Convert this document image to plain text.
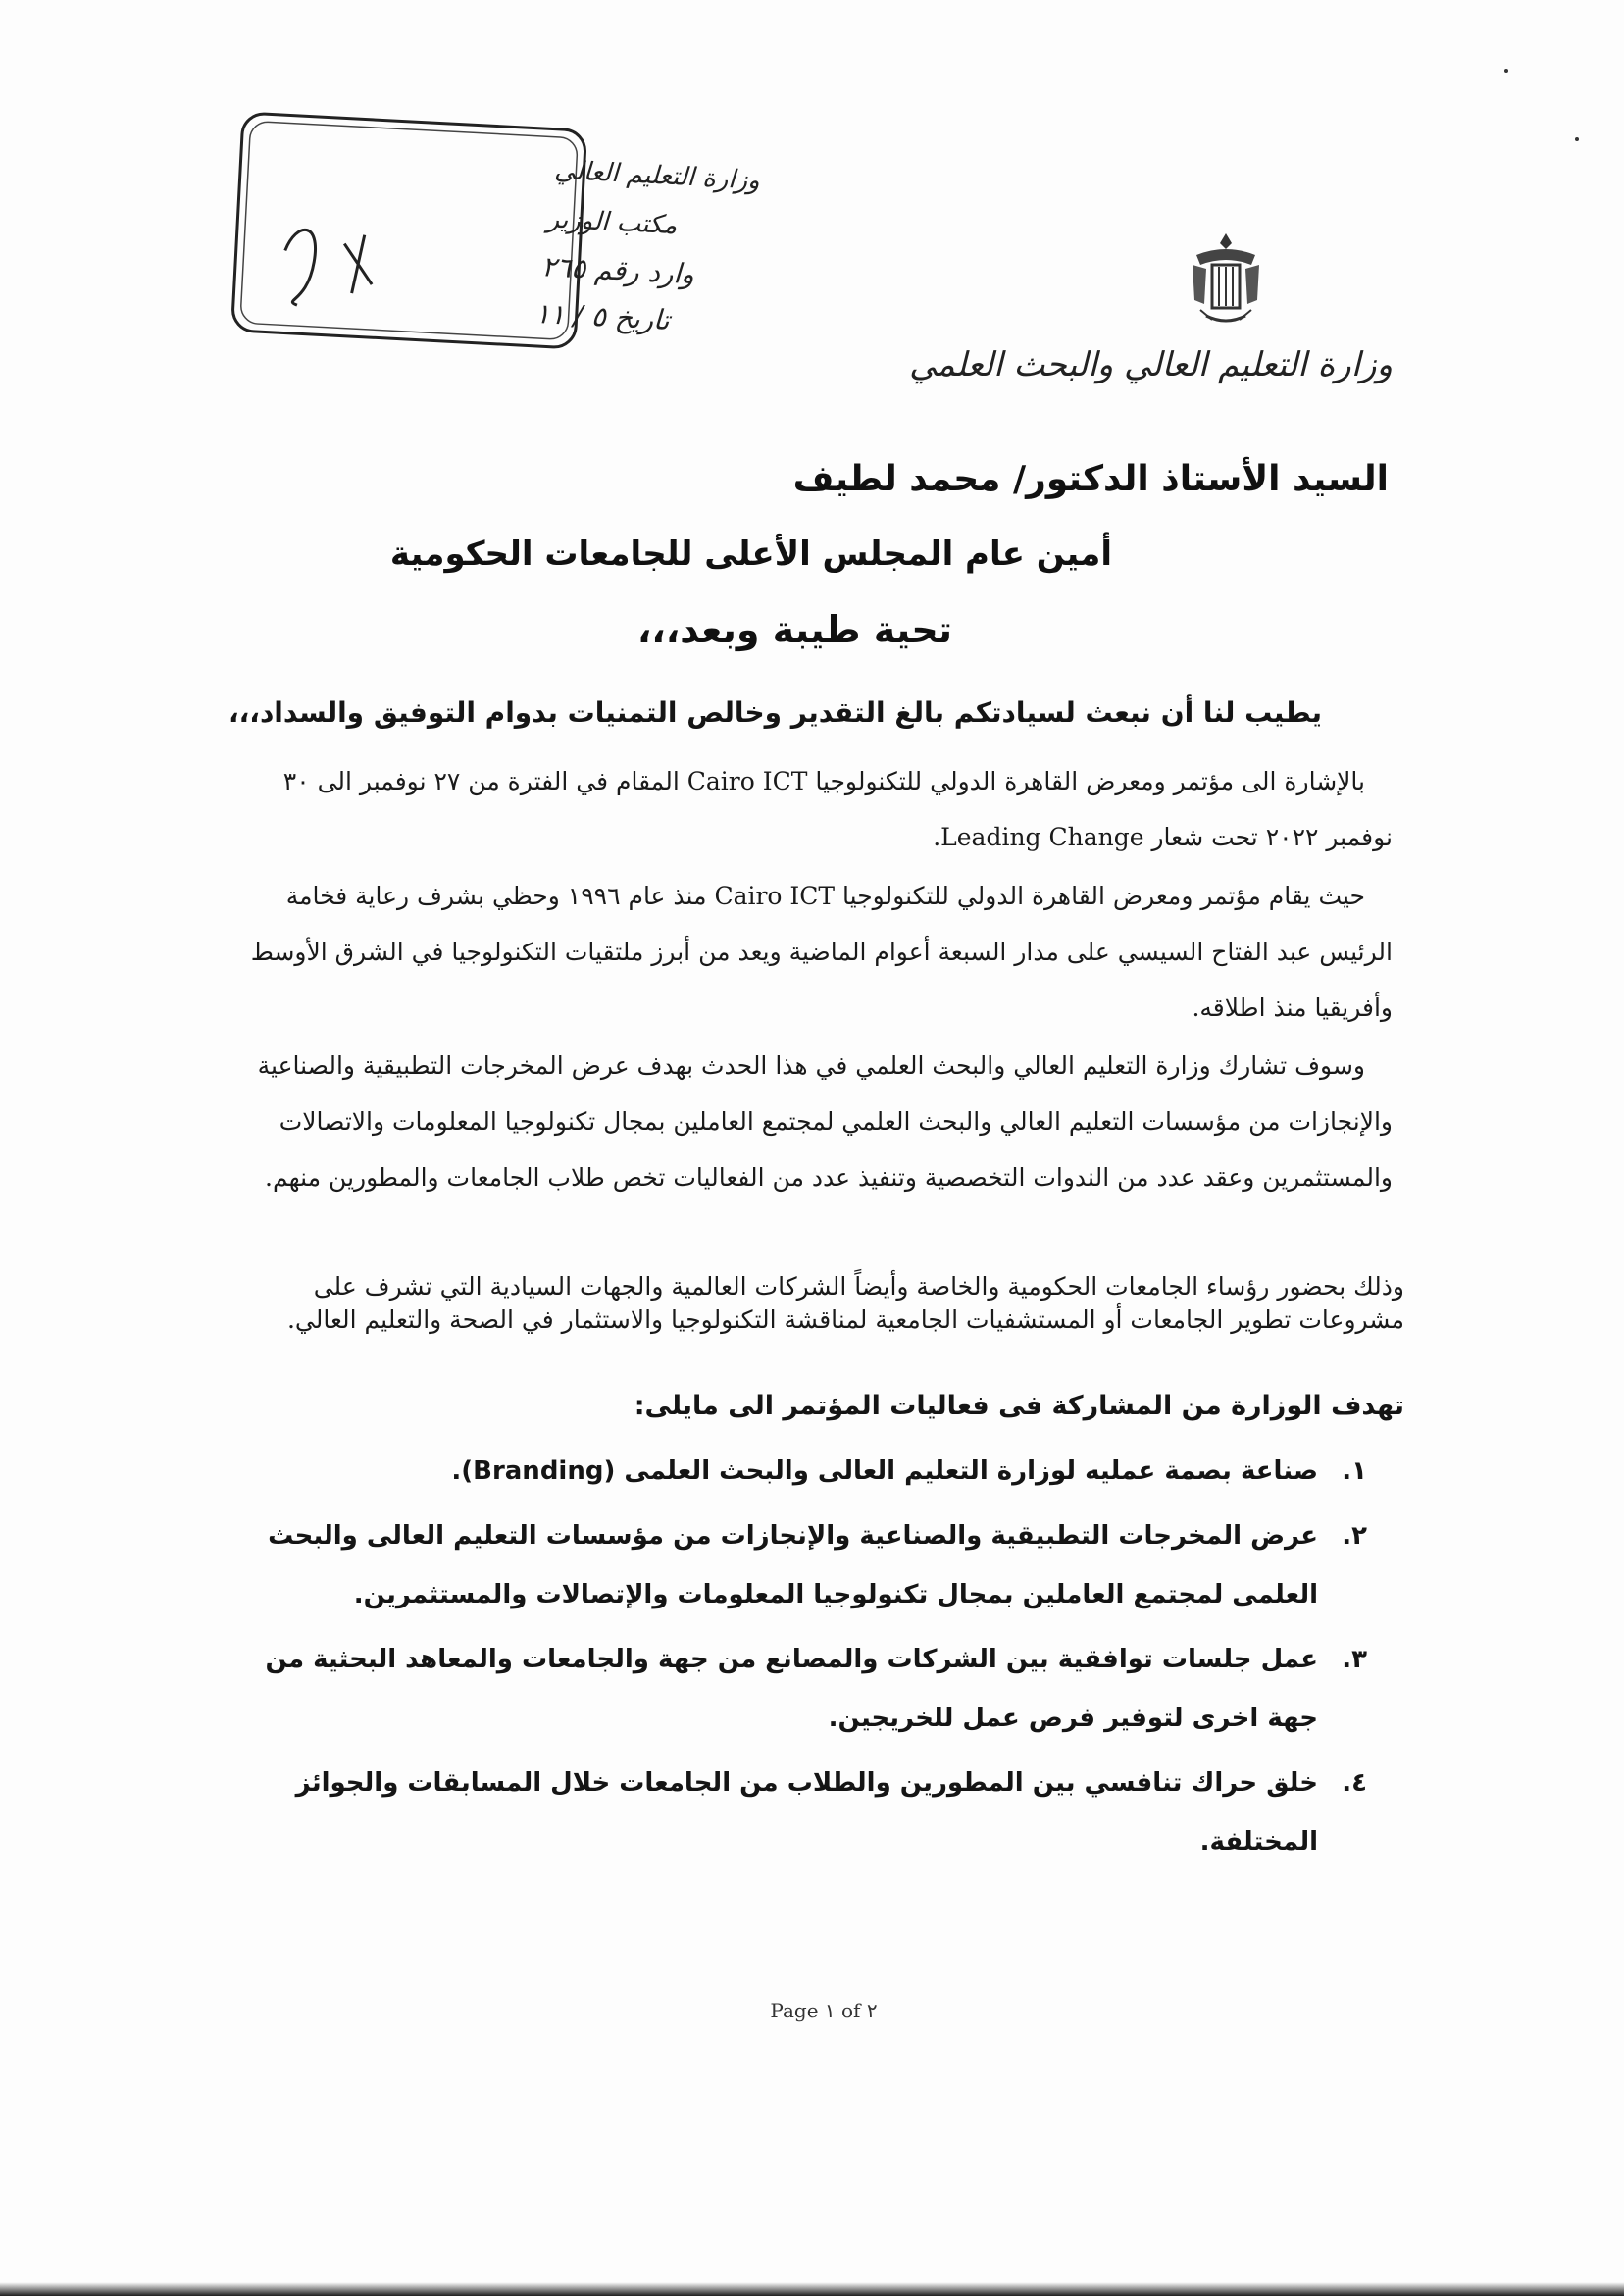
وزارة التعليم العالي
مكتب الوزير
وارد رقم ٢٦٥
تاريخ ٥ / ١١
وزارة التعليم العالي والبحث العلمي
السيد الأستاذ الدكتور/ محمد لطيف
أمين عام المجلس الأعلى للجامعات الحكومية
تحية طيبة وبعد،،،
يطيب لنا أن نبعث لسيادتكم بالغ التقدير وخالص التمنيات بدوام التوفيق والسداد،،،
بالإشارة الى مؤتمر ومعرض القاهرة الدولي للتكنولوجيا Cairo ICT المقام في الفترة من ٢٧ نوفمبر الى ٣٠ نوفمبر ٢٠٢٢ تحت شعار Leading Change.
حيث يقام مؤتمر ومعرض القاهرة الدولي للتكنولوجيا Cairo ICT منذ عام ١٩٩٦ وحظي بشرف رعاية فخامة الرئيس عبد الفتاح السيسي على مدار السبعة أعوام الماضية ويعد من أبرز ملتقيات التكنولوجيا في الشرق الأوسط وأفريقيا منذ اطلاقه.
وسوف تشارك وزارة التعليم العالي والبحث العلمي في هذا الحدث بهدف عرض المخرجات التطبيقية والصناعية والإنجازات من مؤسسات التعليم العالي والبحث العلمي لمجتمع العاملين بمجال تكنولوجيا المعلومات والاتصالات والمستثمرين وعقد عدد من الندوات التخصصية وتنفيذ عدد من الفعاليات تخص طلاب الجامعات والمطورين منهم.
وذلك بحضور رؤساء الجامعات الحكومية والخاصة وأيضاً الشركات العالمية والجهات السيادية التي تشرف على مشروعات تطوير الجامعات أو المستشفيات الجامعية لمناقشة التكنولوجيا والاستثمار في الصحة والتعليم العالي.
تهدف الوزارة من المشاركة فى فعاليات المؤتمر الى مايلى:
١.
صناعة بصمة عمليه لوزارة التعليم العالى والبحث العلمى (Branding).
٢.
عرض المخرجات التطبيقية والصناعية والإنجازات من مؤسسات التعليم العالى والبحث العلمى لمجتمع العاملين بمجال تكنولوجيا المعلومات والإتصالات والمستثمرين.
٣.
عمل جلسات توافقية بين الشركات والمصانع من جهة والجامعات والمعاهد البحثية من جهة اخرى لتوفير فرص عمل للخريجين.
٤.
خلق حراك تنافسي بين المطورين والطلاب من الجامعات خلال المسابقات والجوائز المختلفة.
Page ١ of ٢
